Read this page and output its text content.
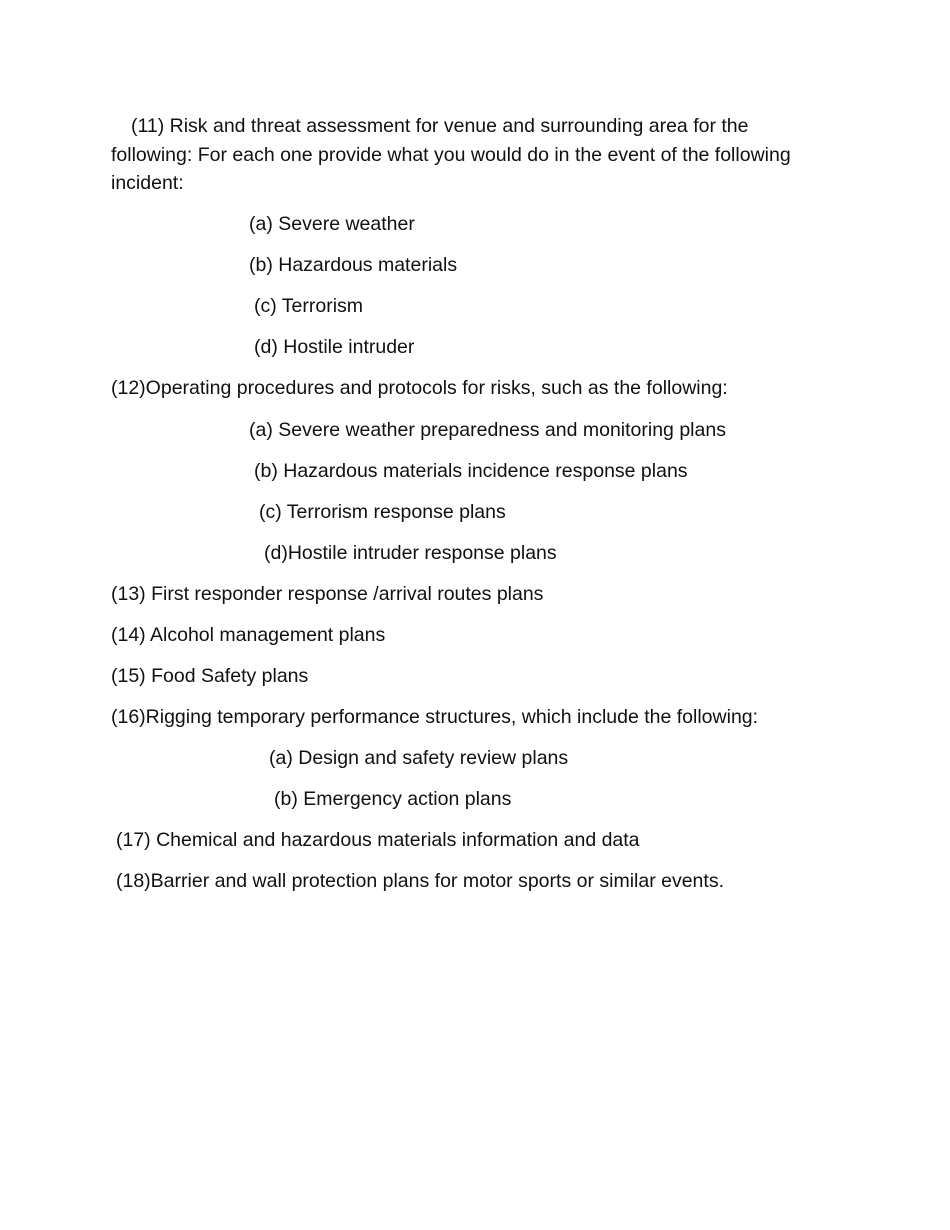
(11) Risk and threat assessment for venue and surrounding area for the following: For each one provide what you would do in the event of the following incident:
(a) Severe weather
(b) Hazardous materials
(c) Terrorism
(d) Hostile intruder
(12)Operating procedures and protocols for risks, such as the following:
(a) Severe weather preparedness and monitoring plans
(b) Hazardous materials incidence response plans
(c) Terrorism response plans
(d)Hostile intruder response plans
(13) First responder response /arrival routes plans
(14) Alcohol management plans
(15) Food Safety plans
(16)Rigging temporary performance structures, which include the following:
(a) Design and safety review plans
(b) Emergency action plans
(17) Chemical and hazardous materials information and data
(18)Barrier and wall protection plans for motor sports or similar events.
